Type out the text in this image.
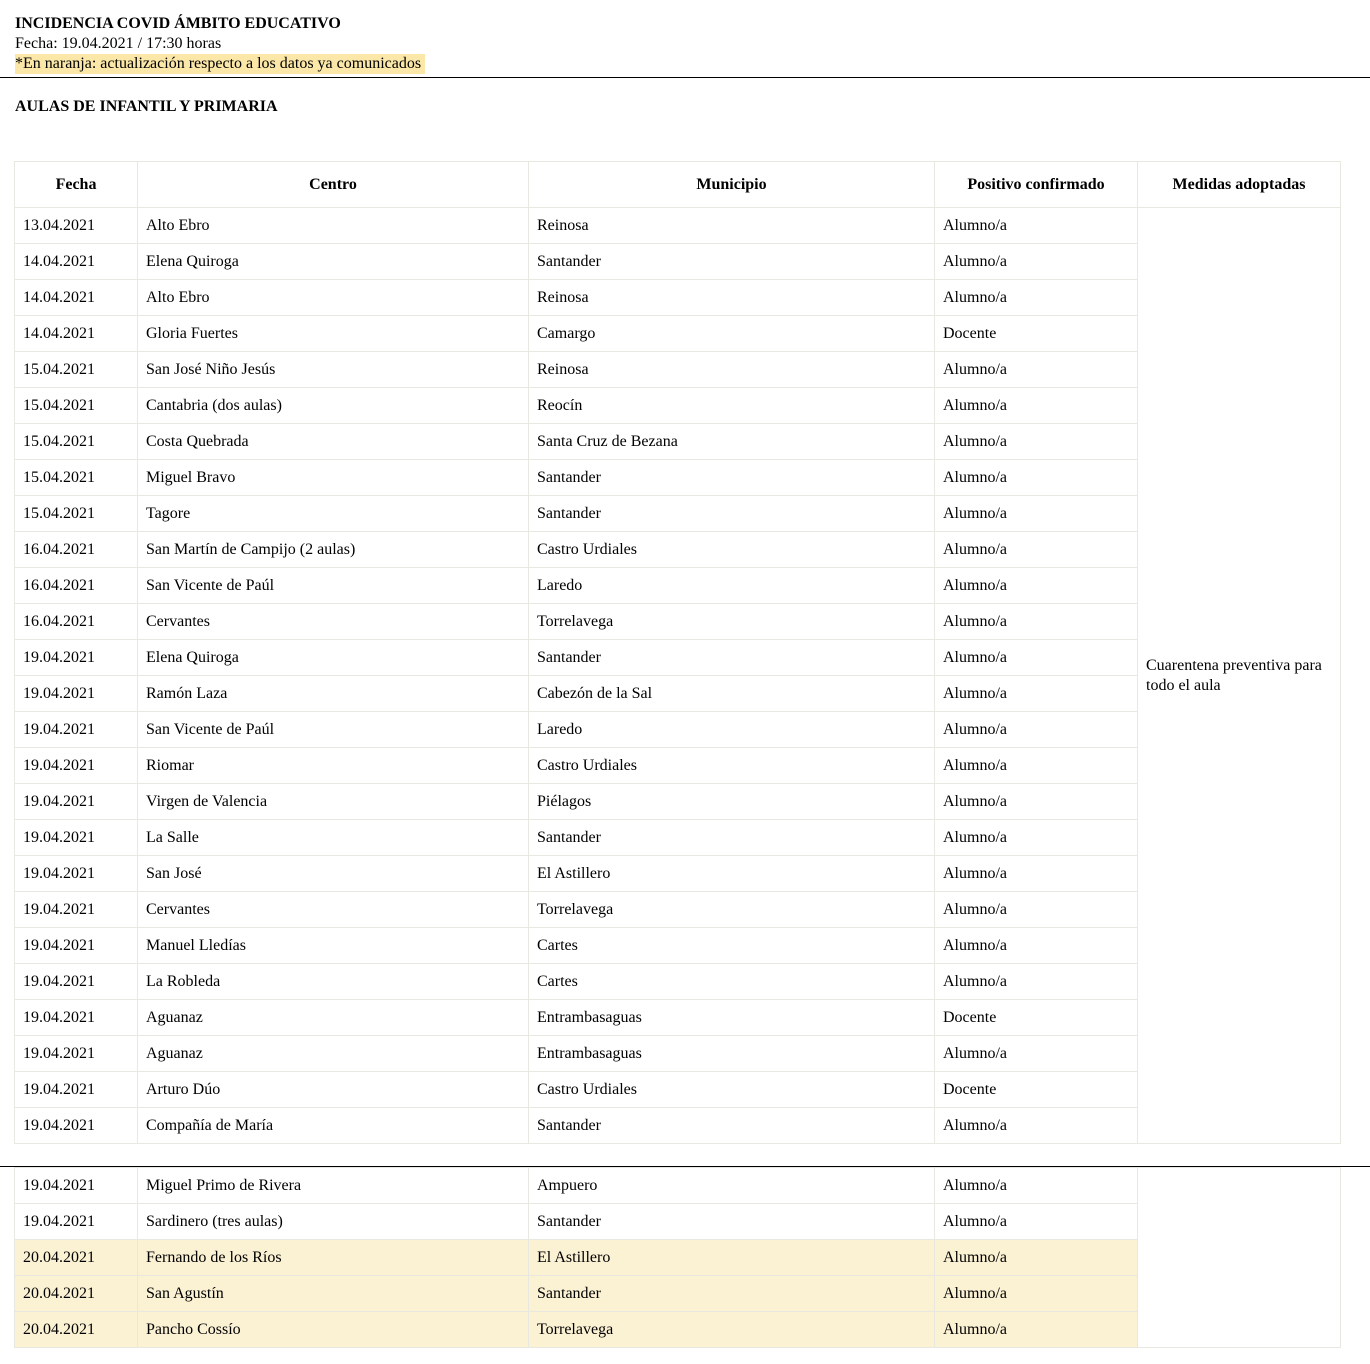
INCIDENCIA COVID ÁMBITO EDUCATIVO
Fecha: 19.04.2021 / 17:30 horas
*En naranja: actualización respecto a los datos ya comunicados
AULAS DE INFANTIL Y PRIMARIA
Fecha	Centro	Municipio	Positivo confirmado	Medidas adoptadas
13.04.2021	Alto Ebro	Reinosa	Alumno/a	Cuarentena preventiva para todo el aula
14.04.2021	Elena Quiroga	Santander	Alumno/a	
14.04.2021	Alto Ebro	Reinosa	Alumno/a	
14.04.2021	Gloria Fuertes	Camargo	Docente	
15.04.2021	San José Niño Jesús	Reinosa	Alumno/a	
15.04.2021	Cantabria (dos aulas)	Reocín	Alumno/a	
15.04.2021	Costa Quebrada	Santa Cruz de Bezana	Alumno/a	
15.04.2021	Miguel Bravo	Santander	Alumno/a	
15.04.2021	Tagore	Santander	Alumno/a	
16.04.2021	San Martín de Campijo (2 aulas)	Castro Urdiales	Alumno/a	
16.04.2021	San Vicente de Paúl	Laredo	Alumno/a	
16.04.2021	Cervantes	Torrelavega	Alumno/a	
19.04.2021	Elena Quiroga	Santander	Alumno/a	
19.04.2021	Ramón Laza	Cabezón de la Sal	Alumno/a	
19.04.2021	San Vicente de Paúl	Laredo	Alumno/a	
19.04.2021	Riomar	Castro Urdiales	Alumno/a	
19.04.2021	Virgen de Valencia	Piélagos	Alumno/a	
19.04.2021	La Salle	Santander	Alumno/a	
19.04.2021	San José	El Astillero	Alumno/a	
19.04.2021	Cervantes	Torrelavega	Alumno/a	
19.04.2021	Manuel Lledías	Cartes	Alumno/a	
19.04.2021	La Robleda	Cartes	Alumno/a	
19.04.2021	Aguanaz	Entrambasaguas	Docente	
19.04.2021	Aguanaz	Entrambasaguas	Alumno/a	
19.04.2021	Arturo Dúo	Castro Urdiales	Docente	
19.04.2021	Compañía de María	Santander	Alumno/a	
19.04.2021	Miguel Primo de Rivera	Ampuero	Alumno/a	
19.04.2021	Sardinero (tres aulas)	Santander	Alumno/a	
20.04.2021	Fernando de los Ríos	El Astillero	Alumno/a	
20.04.2021	San Agustín	Santander	Alumno/a	
20.04.2021	Pancho Cossío	Torrelavega	Alumno/a	
